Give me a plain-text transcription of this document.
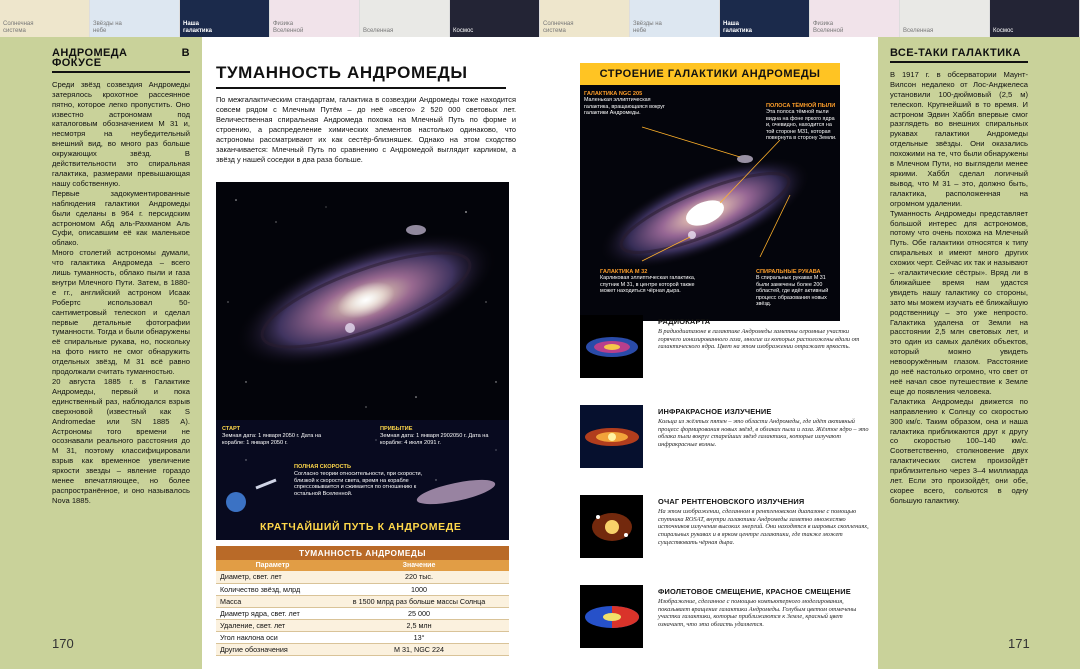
Солнечная система
Звёзды на небе
Наша галактика
Физика Вселенной	Вселенная	Космос
Солнечная система
Звёзды на небе
Наша галактика
Физика Вселенной	Вселенная	Космос
АНДРОМЕДА В ФОКУСЕ

Среди звёзд созвездия Андромеды затерялось крохотное рассеянное пятно, которое легко пропустить. Оно известно астрономам под каталоговым обозначением М 31 и, несмотря на неубедительный внешний вид, во много раз больше окружающих звёзд. В действительности это спиральная галактика, размерами превышающая нашу собственную.

Первые задокументированные наблюдения галактики Андромеды были сделаны в 964 г. персидским астрономом Абд аль-Рахманом Аль Суфи, описавшим её как маленькое облако.

Много столетий астрономы думали, что галактика Андромеда – всего лишь туманность, облако пыли и газа внутри Млечного Пути. Затем, в 1880-е гг., английский астроном Исаак Робертс использовал 50-сантиметровый телескоп и сделал первые детальные фотографии туманности. Тогда и были обнаружены её спиральные рукава, но, поскольку на фото никто не смог обнаружить отдельных звёзд, М 31 всё равно продолжали считать туманностью.

20 августа 1885 г. в Галактике Андромеды, первый и пока единственный раз, наблюдался взрыв сверхновой (известный как S Andromedae или SN 1885 A). Астрономы того времени не осознавали реального расстояния до М 31, поэтому классифицировали взрыв как временное увеличение яркости звезды – явление гораздо менее впечатляющее, но более распространённое, и оно называлось Nova 1885.

170
ТУМАННОСТЬ АНДРОМЕДЫ

По межгалактическим стандартам, галактика в созвездии Андромеды тоже находится совсем рядом с Млечным Путём – до неё «всего» 2 520 000 световых лет. Величественная спиральная Андромеда похожа на Млечный Путь по форме и строению, а распределение химических элементов настолько одинаково, что астрономы рассматривают их как сестёр-близняшек. Однако на этом сходство заканчивается: Млечный Путь по сравнению с Андромедой выглядит карликом, а звёзд у нашей соседки в два раза больше.

СТАРТ
Земная дата: 1 января 2050 г. Дата на корабле: 1 января 2050 г.
ПРИБЫТИЕ
Земная дата: 1 января 2902050 г. Дата на корабле: 4 июля 2091 г.
ПОЛНАЯ СКОРОСТЬ
Согласно теории относительности, при скорости, близкой к скорости света, время на корабле спрессовывается и сжимается по отношению к остальной Вселенной.
КРАТЧАЙШИЙ ПУТЬ К АНДРОМЕДЕ
ТУМАННОСТЬ АНДРОМЕДЫ
Параметр	Значение
Диаметр, свет. лет	220 тыс.
Количество звёзд, млрд	1000
Масса	в 1500 млрд раз больше массы Солнца
Диаметр ядра, свет. лет	25 000
Удаление, свет. лет	2,5 млн
Угол наклона оси	13°
Другие обозначения	М 31, NGC 224
СТРОЕНИЕ ГАЛАКТИКИ АНДРОМЕДЫ
ГАЛАКТИКА NGC 205
Маленькая эллиптическая галактика, вращающаяся вокруг галактики Андромеды.
ПОЛОСА ТЁМНОЙ ПЫЛИ
Эта полоса тёмной пыли видна на фоне яркого ядра и, очевидно, находится на той стороне М31, которая повернута в сторону Земли.
ГАЛАКТИКА М 32
Карликовая эллиптическая галактика, спутник М 31, в центре которой также может находиться чёрная дыра.
СПИРАЛЬНЫЕ РУКАВА
В спиральных рукавах М 31 были замечены более 200 областей, где идёт активный процесс образования новых звёзд.
РАДИОКАРТА

В радиодиапазоне в галактике Андромеды заметны огромные участки горячего ионизированного газа, многие из которых расположены вдали от галактического ядра. Цвет на этом изображении отражает яркость.

ИНФРАКРАСНОЕ ИЗЛУЧЕНИЕ

Кольца из жёлтых пятен – это области Андромеды, где идёт активный процесс формирования новых звёзд, в облаках пыли и газа. Жёлтое ядро – это облака пыли вокруг старейших звёзд галактики, которые излучают инфракрасные волны.

ОЧАГ РЕНТГЕНОВСКОГО ИЗЛУЧЕНИЯ

На этом изображении, сделанном в рентгеновском диапазоне с помощью спутника ROSAT, внутри галактики Андромеды заметно множество источников излучения высоких энергий. Они находятся в шаровых скоплениях, спиральных рукавах и в ярком центре галактики, где также может существовать чёрная дыра.

ФИОЛЕТОВОЕ СМЕЩЕНИЕ, КРАСНОЕ СМЕЩЕНИЕ

Изображение, сделанное с помощью компьютерного моделирования, показывает вращение галактики Андромеды. Голубым цветом отмечены участки галактики, которые приближаются к Земле, красный цвет означает, что эта область удаляется.

ВСЕ-ТАКИ ГАЛАКТИКА

В 1917 г. в обсерватории Маунт-Вилсон недалеко от Лос-Анджелеса установили 100-дюймовый (2,5 м) телескоп. Крупнейший в то время. И астроном Эдвин Хаббл впервые смог разглядеть во внешних спиральных рукавах галактики Андромеды отдельные звёзды. Они оказались похожими на те, что были обнаружены в Млечном Пути, но выглядели менее яркими. Хаббл сделал логичный вывод, что М 31 – это, должно быть, галактика, расположенная на огромном удалении.

Туманность Андромеды представляет большой интерес для астрономов, потому что очень похожа на Млечный Путь. Обе галактики относятся к типу спиральных и имеют много других схожих черт. Сейчас их так и называют – «галактические сёстры». Вряд ли в ближайшее время нам удастся увидеть нашу галактику со стороны, зато мы можем изучать её ближайшую родственницу – это уже непросто. Галактика удалена от Земли на расстоянии 2,5 млн световых лет, и это один из самых далёких объектов, который можно увидеть невооружённым глазом. Расстояние до неё настолько огромно, что свет от неё начал свое путешествие к Земле еще до появления человека.

Галактика Андромеды движется по направлению к Солнцу со скоростью 300 км/с. Таким образом, она и наша галактика приближаются друг к другу со скоростью 100–140 км/с. Соответственно, столкновение двух галактических систем произойдёт приблизительно через 3–4 миллиарда лет. Если это произойдёт, они обе, скорее всего, сольются в одну большую галактику.

171
